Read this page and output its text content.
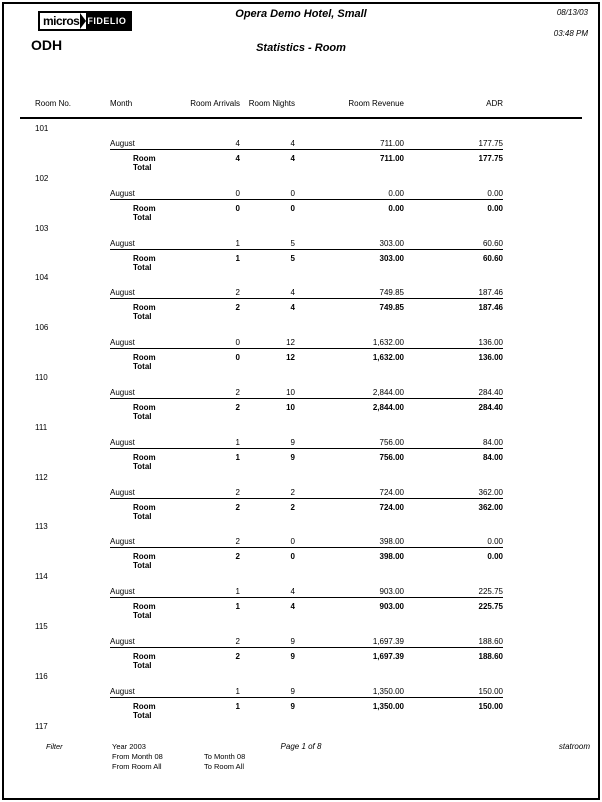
micros FIDELIO
ODH
Opera Demo Hotel, Small
Statistics - Room
08/13/03
03:48 PM
Room No.	Month	Room Arrivals	Room Nights	Room Revenue	ADR
101
August	4	4	711.00	177.75
Room Total
4	4	711.00	177.75
102
August	0	0	0.00	0.00
Room Total
0	0	0.00	0.00
103
August	1	5	303.00	60.60
Room Total
1	5	303.00	60.60
104
August	2	4	749.85	187.46
Room Total
2	4	749.85	187.46
106
August	0	12	1,632.00	136.00
Room Total
0	12	1,632.00	136.00
110
August	2	10	2,844.00	284.40
Room Total
2	10	2,844.00	284.40
111
August	1	9	756.00	84.00
Room Total
1	9	756.00	84.00
112
August	2	2	724.00	362.00
Room Total
2	2	724.00	362.00
113
August	2	0	398.00	0.00
Room Total
2	0	398.00	0.00
114
August	1	4	903.00	225.75
Room Total
1	4	903.00	225.75
115
August	2	9	1,697.39	188.60
Room Total
2	9	1,697.39	188.60
116
August	1	9	1,350.00	150.00
Room Total
1	9	1,350.00	150.00
117
Filter	Year 2003
From Month 08	To Month 08
From Room All	To Room All
Page 1 of 8	statroom
